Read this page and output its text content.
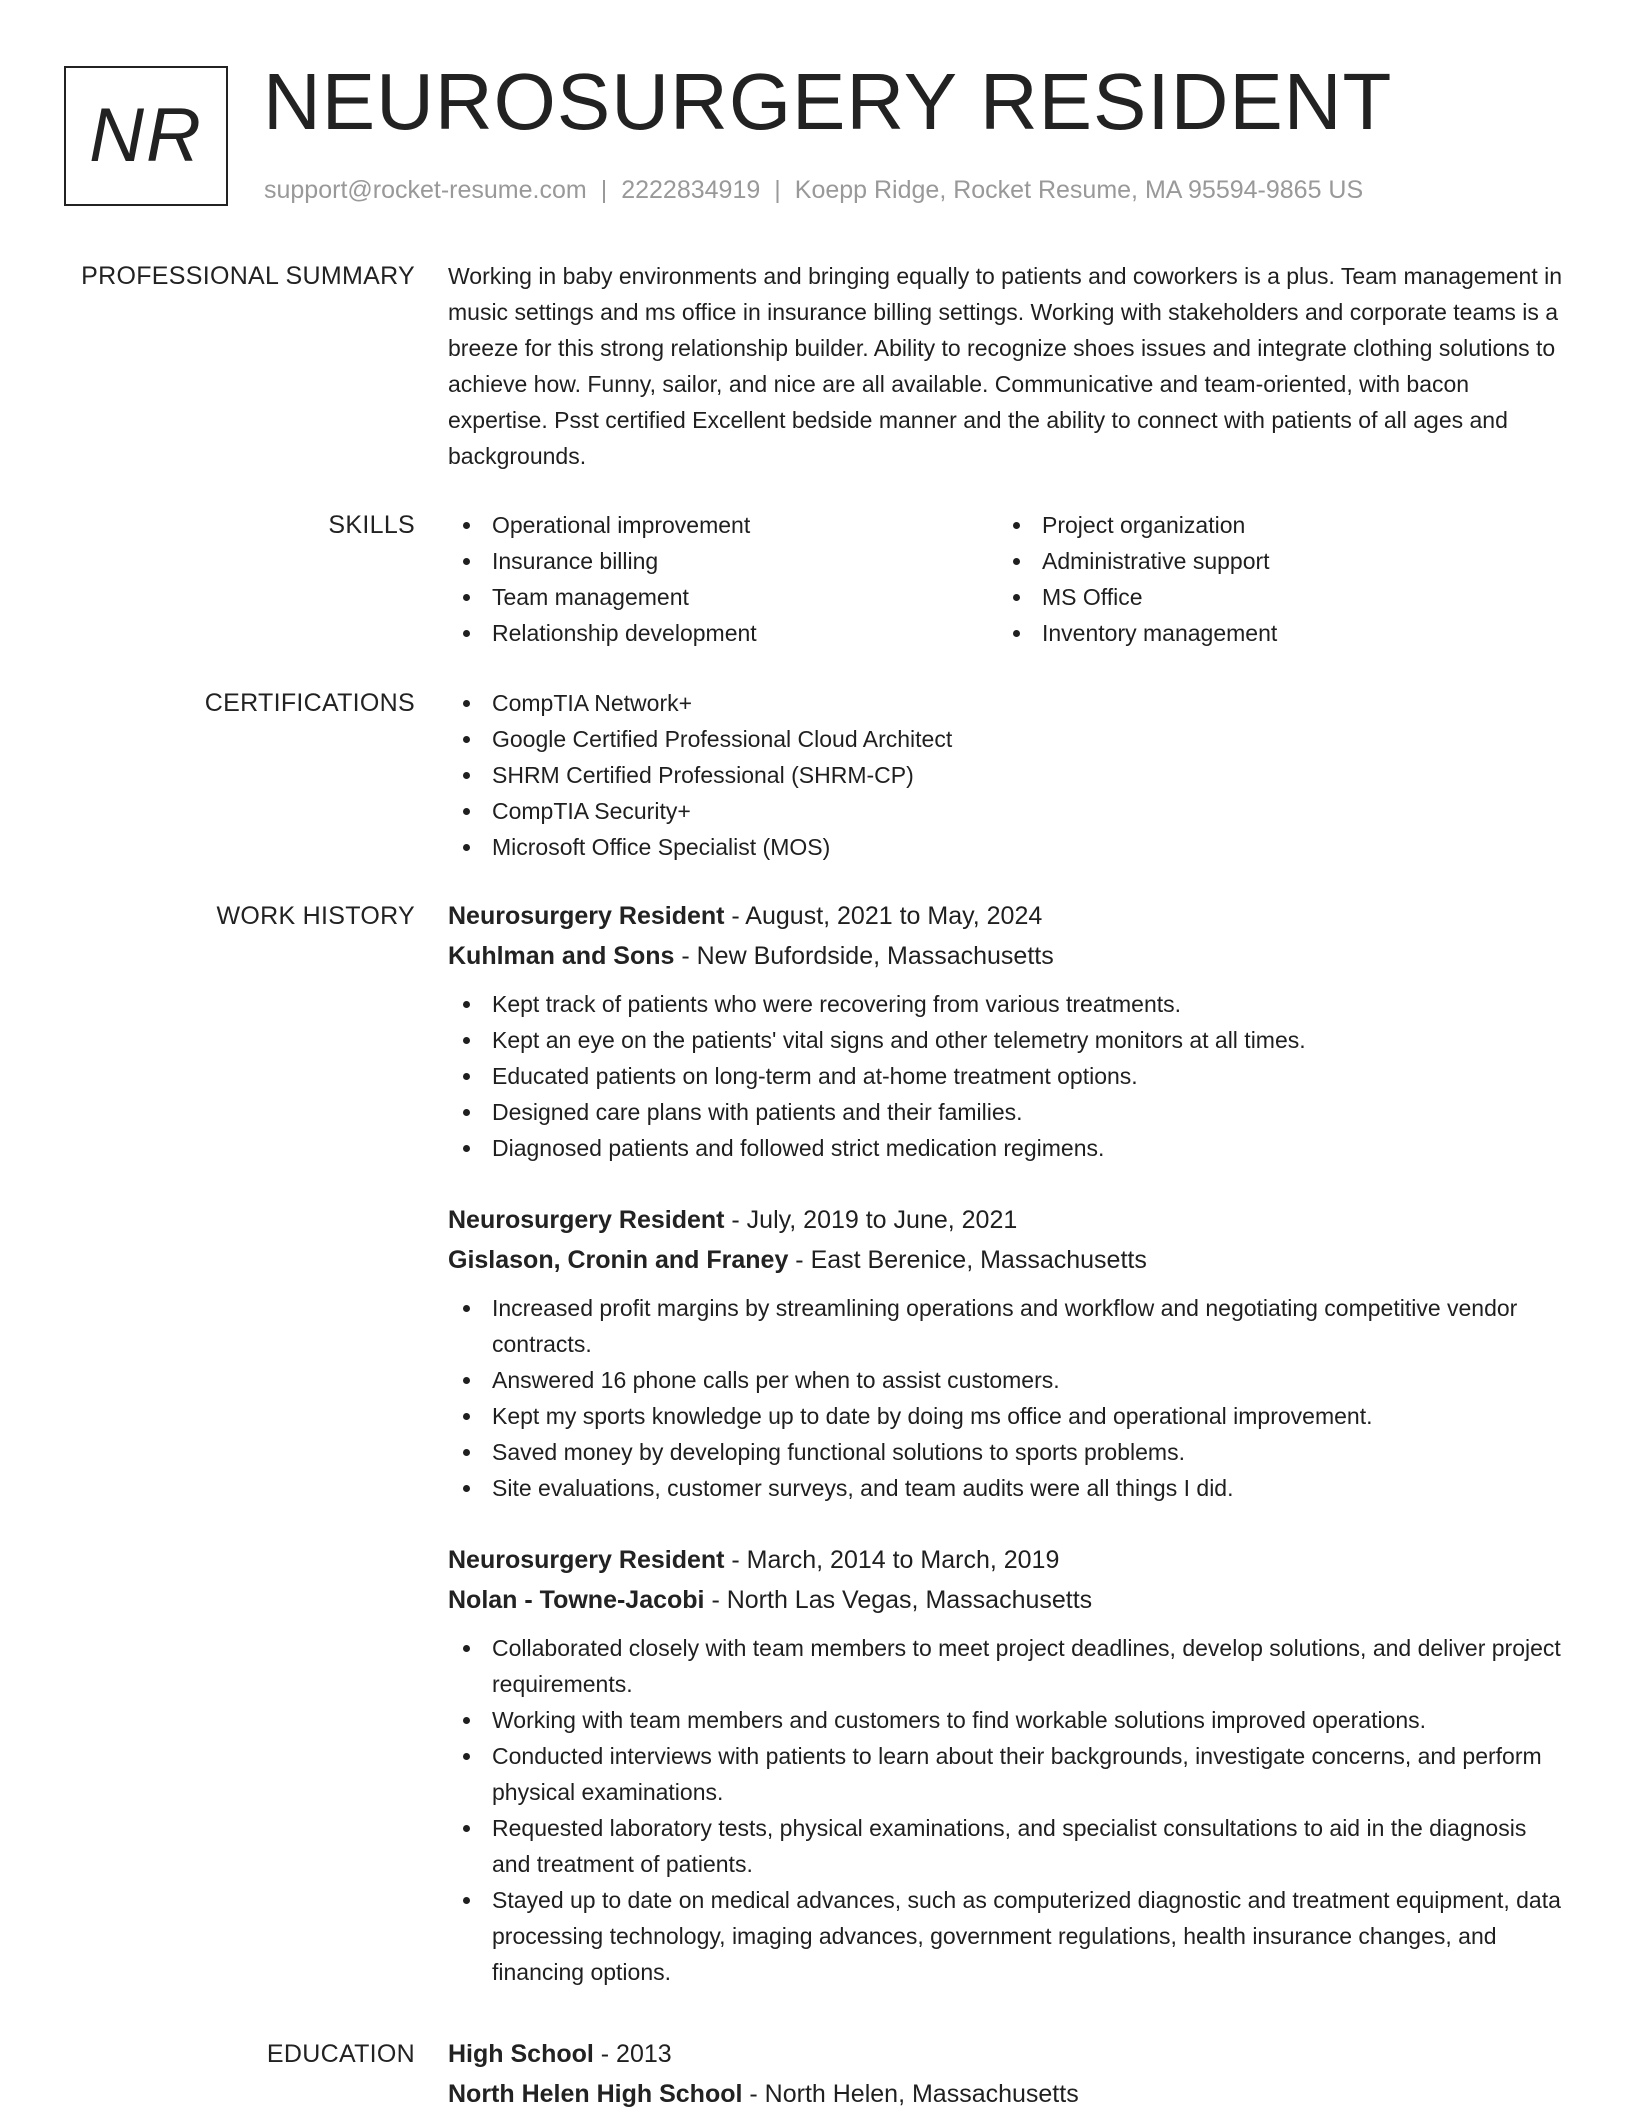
NR NEUROSURGERY RESIDENT
support@rocket-resume.com | 2222834919 | Koepp Ridge, Rocket Resume, MA 95594-9865 US
PROFESSIONAL SUMMARY Working in baby environments and bringing equally to patients and coworkers is a plus. Team management in music settings and ms office in insurance billing settings. Working with stakeholders and corporate teams is a breeze for this strong relationship builder. Ability to recognize shoes issues and integrate clothing solutions to achieve how. Funny, sailor, and nice are all available. Communicative and team-oriented, with bacon expertise. Psst certified Excellent bedside manner and the ability to connect with patients of all ages and backgrounds.

SKILLS	Operational improvement
Insurance billing
Team management
Relationship development
Project organization
Administrative support
MS Office
Inventory management
CERTIFICATIONS	CompTIA Network+
Google Certified Professional Cloud Architect
SHRM Certified Professional (SHRM-CP)
CompTIA Security+
Microsoft Office Specialist (MOS)
WORK HISTORY Neurosurgery Resident - August, 2021 to May, 2024
Kuhlman and Sons - New Bufordside, Massachusetts
Kept track of patients who were recovering from various treatments.
Kept an eye on the patients' vital signs and other telemetry monitors at all times.
Educated patients on long-term and at-home treatment options.
Designed care plans with patients and their families.
Diagnosed patients and followed strict medication regimens.
Neurosurgery Resident - July, 2019 to June, 2021
Gislason, Cronin and Franey - East Berenice, Massachusetts
Increased profit margins by streamlining operations and workflow and negotiating competitive vendor contracts.
Answered 16 phone calls per when to assist customers.
Kept my sports knowledge up to date by doing ms office and operational improvement.
Saved money by developing functional solutions to sports problems.
Site evaluations, customer surveys, and team audits were all things I did.
Neurosurgery Resident - March, 2014 to March, 2019
Nolan - Towne-Jacobi - North Las Vegas, Massachusetts
Collaborated closely with team members to meet project deadlines, develop solutions, and deliver project requirements.
Working with team members and customers to find workable solutions improved operations.
Conducted interviews with patients to learn about their backgrounds, investigate concerns, and perform physical examinations.
Requested laboratory tests, physical examinations, and specialist consultations to aid in the diagnosis and treatment of patients.
Stayed up to date on medical advances, such as computerized diagnostic and treatment equipment, data processing technology, imaging advances, government regulations, health insurance changes, and financing options.
EDUCATION High School - 2013
North Helen High School - North Helen, Massachusetts
